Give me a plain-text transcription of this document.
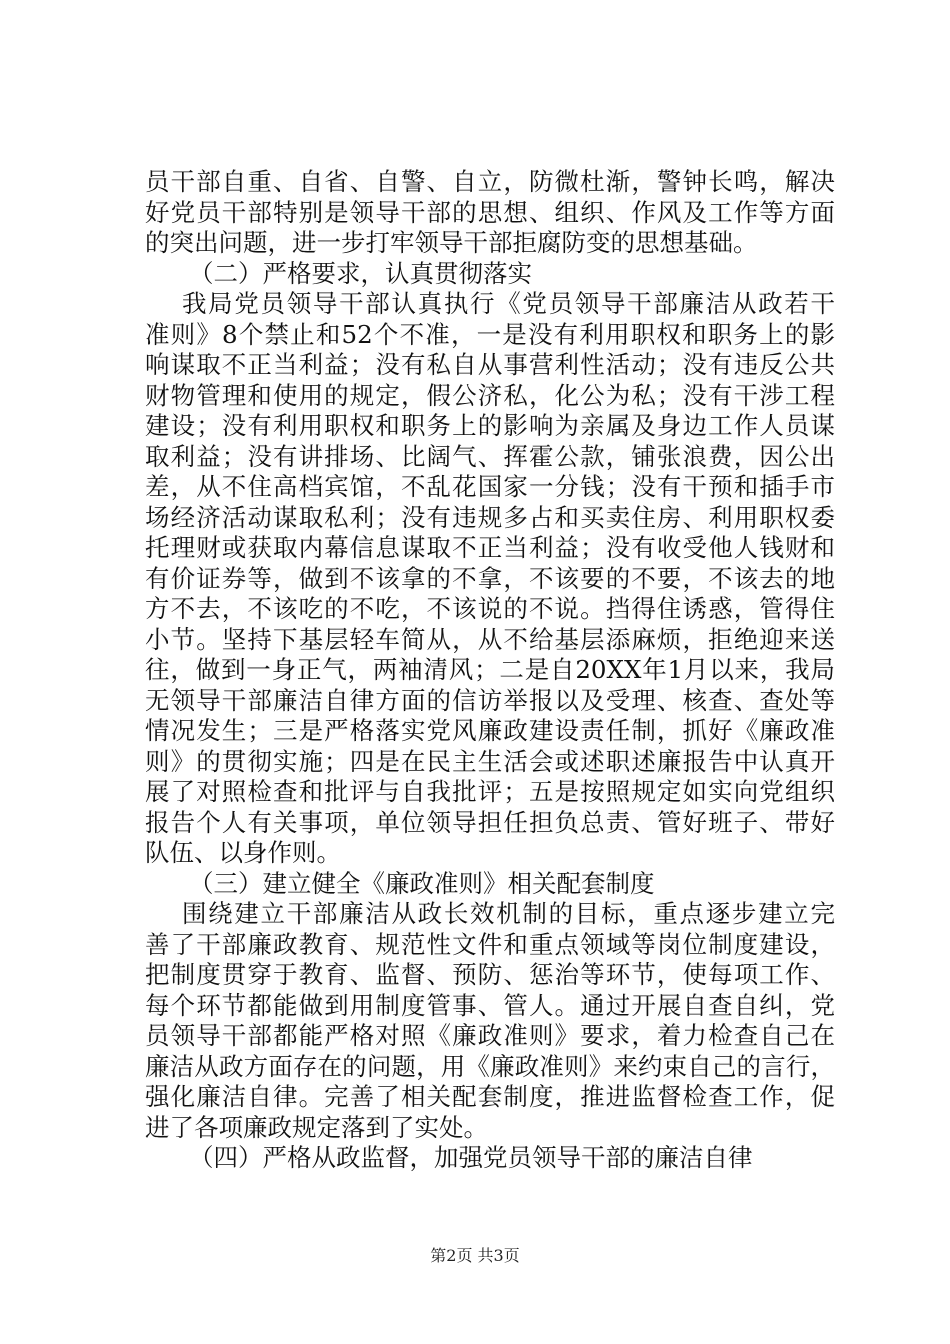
员干部自重、自省、自警、自立，防微杜渐，警钟长鸣，解决
好党员干部特别是领导干部的思想、组织、作风及工作等方面
的突出问题，进一步打牢领导干部拒腐防变的思想基础。
（二）严格要求，认真贯彻落实
我局党员领导干部认真执行《党员领导干部廉洁从政若干
准则》8个禁止和52个不准，一是没有利用职权和职务上的影
响谋取不正当利益；没有私自从事营利性活动；没有违反公共
财物管理和使用的规定，假公济私，化公为私；没有干涉工程
建设；没有利用职权和职务上的影响为亲属及身边工作人员谋
取利益；没有讲排场、比阔气、挥霍公款，铺张浪费，因公出
差，从不住高档宾馆，不乱花国家一分钱；没有干预和插手市
场经济活动谋取私利；没有违规多占和买卖住房、利用职权委
托理财或获取内幕信息谋取不正当利益；没有收受他人钱财和
有价证券等，做到不该拿的不拿，不该要的不要，不该去的地
方不去，不该吃的不吃，不该说的不说。挡得住诱惑，管得住
小节。坚持下基层轻车简从，从不给基层添麻烦，拒绝迎来送
往，做到一身正气，两袖清风；二是自20XX年1月以来，我局
无领导干部廉洁自律方面的信访举报以及受理、核查、查处等
情况发生；三是严格落实党风廉政建设责任制，抓好《廉政准
则》的贯彻实施；四是在民主生活会或述职述廉报告中认真开
展了对照检查和批评与自我批评；五是按照规定如实向党组织
报告个人有关事项，单位领导担任担负总责、管好班子、带好
队伍、以身作则。
（三）建立健全《廉政准则》相关配套制度
围绕建立干部廉洁从政长效机制的目标，重点逐步建立完
善了干部廉政教育、规范性文件和重点领域等岗位制度建设，
把制度贯穿于教育、监督、预防、惩治等环节，使每项工作、
每个环节都能做到用制度管事、管人。通过开展自查自纠，党
员领导干部都能严格对照《廉政准则》要求，着力检查自己在
廉洁从政方面存在的问题，用《廉政准则》来约束自己的言行，
强化廉洁自律。完善了相关配套制度，推进监督检查工作，促
进了各项廉政规定落到了实处。
（四）严格从政监督，加强党员领导干部的廉洁自律
第2页 共3页
